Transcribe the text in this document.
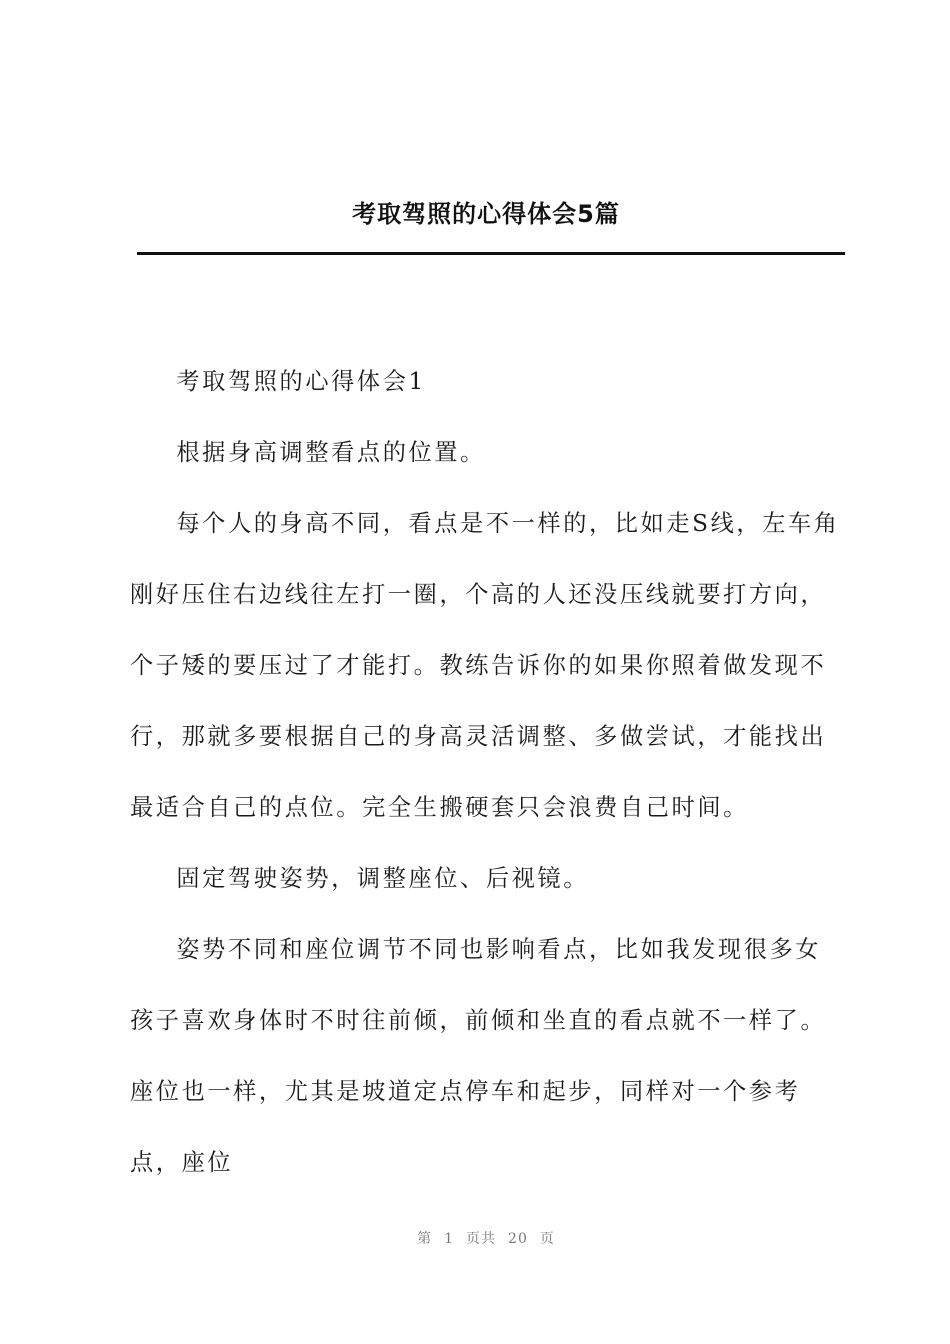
考取驾照的心得体会5篇

考取驾照的心得体会1

根据身高调整看点的位置。

每个人的身高不同，看点是不一样的，比如走S线，左车角刚好压住右边线往左打一圈，个高的人还没压线就要打方向，个子矮的要压过了才能打。教练告诉你的如果你照着做发现不行，那就多要根据自己的身高灵活调整、多做尝试，才能找出最适合自己的点位。完全生搬硬套只会浪费自己时间。

固定驾驶姿势，调整座位、后视镜。

姿势不同和座位调节不同也影响看点，比如我发现很多女孩子喜欢身体时不时往前倾，前倾和坐直的看点就不一样了。座位也一样，尤其是坡道定点停车和起步，同样对一个参考点，座位

第 1 页共 20 页
